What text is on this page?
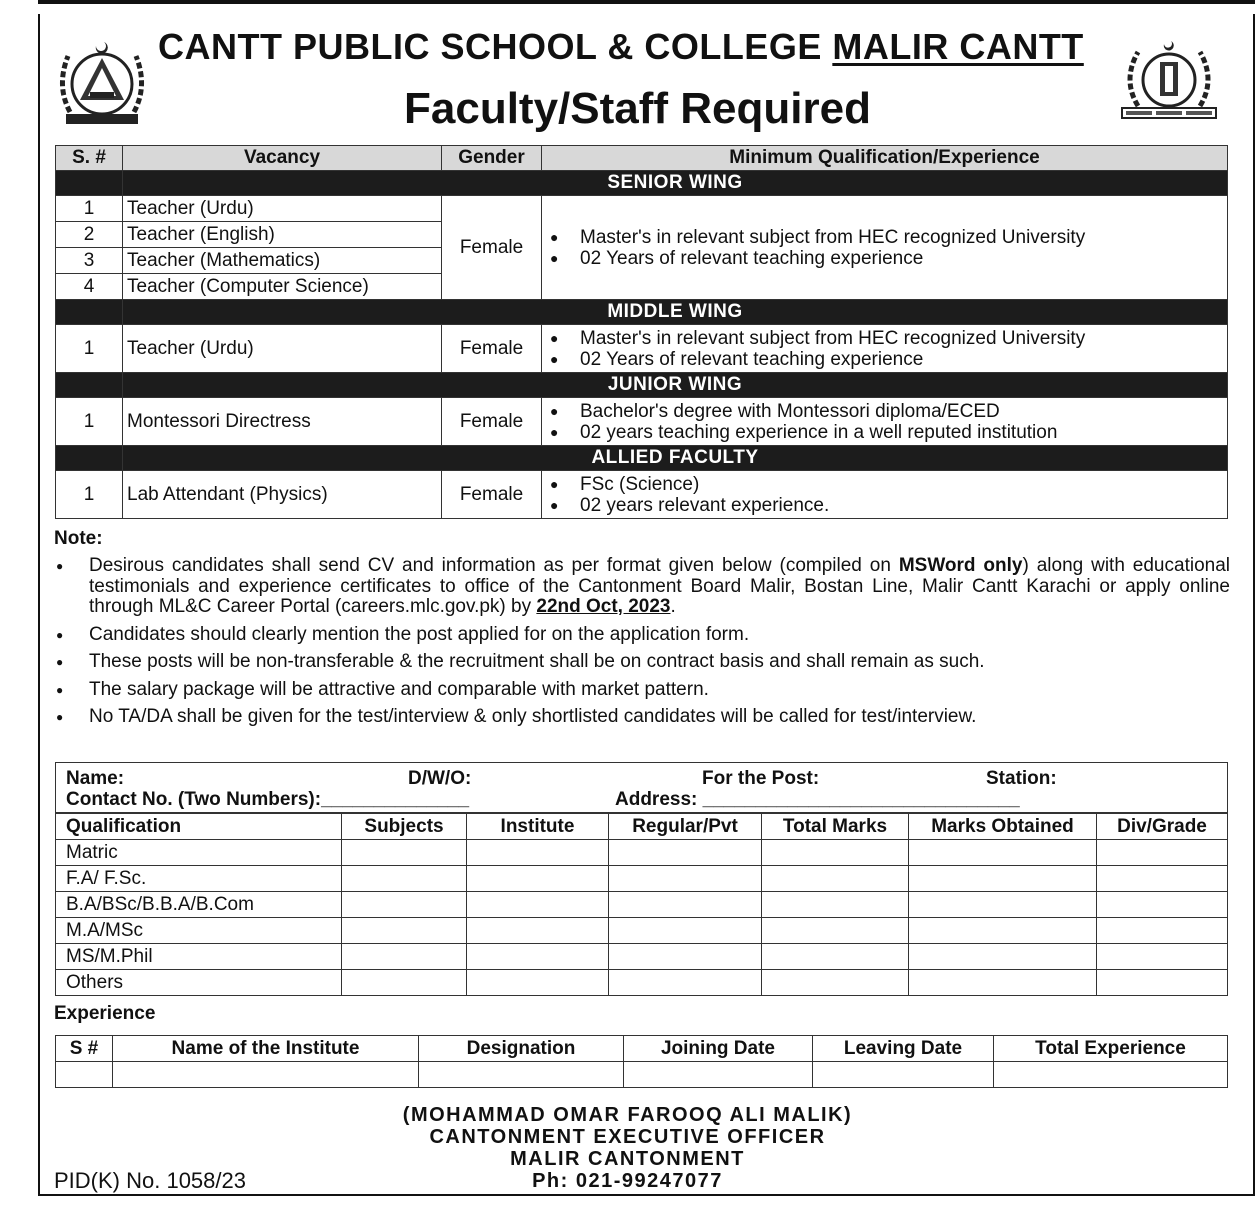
CANTT PUBLIC SCHOOL & COLLEGE MALIR CANTT
Faculty/Staff Required
S. #	Vacancy	Gender	Minimum Qualification/Experience
	SENIOR WING		
1	Teacher (Urdu)	Female	● Master's in relevant subject from HEC recognized University
● 02 Years of relevant teaching experience

2	Teacher (English)		
3	Teacher (Mathematics)		
4	Teacher (Computer Science)		
	MIDDLE WING		
1	Teacher (Urdu)	Female	● Master's in relevant subject from HEC recognized University
● 02 Years of relevant teaching experience

	JUNIOR WING		
1	Montessori Directress	Female	● Bachelor's degree with Montessori diploma/ECED
● 02 years teaching experience in a well reputed institution

	ALLIED FACULTY		
1	Lab Attendant (Physics)	Female	● FSc (Science)
● 02 years relevant experience.
Note:
●	Desirous candidates shall send CV and information as per format given below (compiled on MSWord only) along with educational testimonials and experience certificates to office of the Cantonment Board Malir, Bostan Line, Malir Cantt Karachi or apply online through ML&C Career Portal (careers.mlc.gov.pk) by 22nd Oct, 2023.
●	Candidates should clearly mention the post applied for on the application form.
●	These posts will be non-transferable & the recruitment shall be on contract basis and shall remain as such.
●	The salary package will be attractive and comparable with market pattern.
●	No TA/DA shall be given for the test/interview & only shortlisted candidates will be called for test/interview.
Name:	D/W/O:	For the Post:	Station:
Contact No. (Two Numbers):______________	Address: ______________________________
Qualification	Subjects	Institute	Regular/Pvt	Total Marks	Marks Obtained	Div/Grade
Matric						
F.A/ F.Sc.						
B.A/BSc/B.B.A/B.Com						
M.A/MSc						
MS/M.Phil						
Others						
Experience
S #	Name of the Institute	Designation	Joining Date	Leaving Date	Total Experience

(MOHAMMAD OMAR FAROOQ ALI MALIK)
CANTONMENT EXECUTIVE OFFICER
MALIR CANTONMENT
Ph: 021-99247077
PID(K) No. 1058/23
